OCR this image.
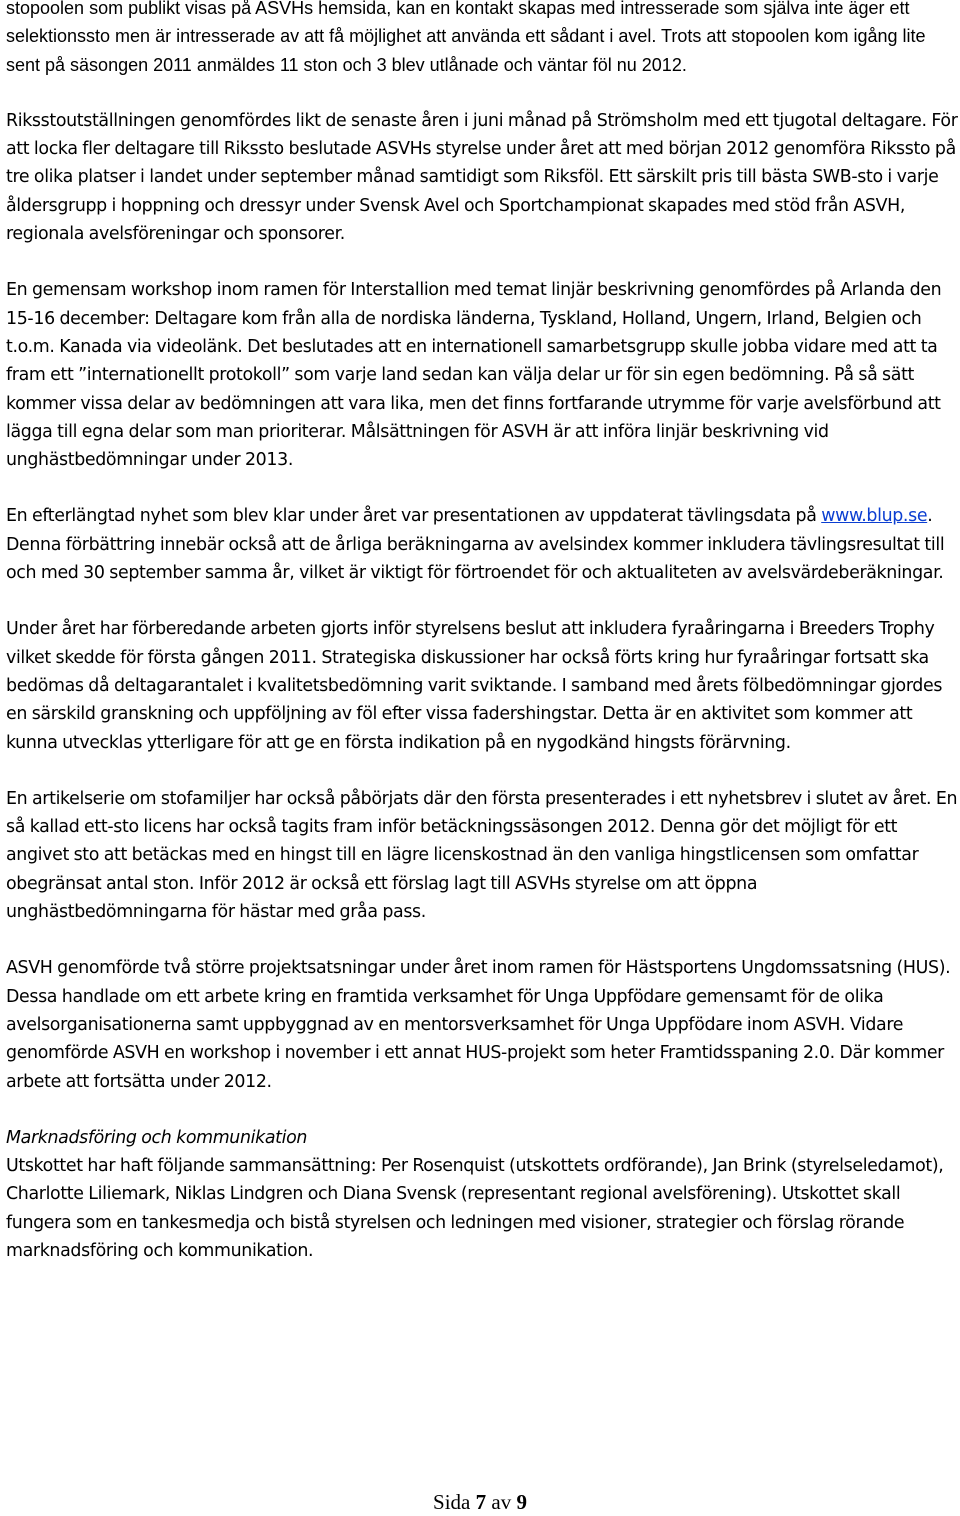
stopoolen som publikt visas på ASVHs hemsida, kan en kontakt skapas med intresserade som själva inte äger ett selektionssto men är intresserade av att få möjlighet att använda ett sådant i avel. Trots att stopoolen kom igång lite sent på säsongen 2011 anmäldes 11 ston och 3 blev utlånade och väntar föl nu 2012.

Riksstoutställningen genomfördes likt de senaste åren i juni månad på Strömsholm med ett tjugotal deltagare. För att locka fler deltagare till Rikssto beslutade ASVHs styrelse under året att med början 2012 genomföra Rikssto på tre olika platser i landet under september månad samtidigt som Riksföl. Ett särskilt pris till bästa SWB-sto i varje åldersgrupp i hoppning och dressyr under Svensk Avel och Sportchampionat skapades med stöd från ASVH, regionala avelsföreningar och sponsorer.

En gemensam workshop inom ramen för Interstallion med temat linjär beskrivning genomfördes på Arlanda den 15-16 december: Deltagare kom från alla de nordiska länderna, Tyskland, Holland, Ungern, Irland, Belgien och t.o.m. Kanada via videolänk. Det beslutades att en internationell samarbetsgrupp skulle jobba vidare med att ta fram ett ”internationellt protokoll” som varje land sedan kan välja delar ur för sin egen bedömning. På så sätt kommer vissa delar av bedömningen att vara lika, men det finns fortfarande utrymme för varje avelsförbund att lägga till egna delar som man prioriterar. Målsättningen för ASVH är att införa linjär beskrivning vid unghästbedömningar under 2013.

En efterlängtad nyhet som blev klar under året var presentationen av uppdaterat tävlingsdata på www.blup.se. Denna förbättring innebär också att de årliga beräkningarna av avelsindex kommer inkludera tävlingsresultat till och med 30 september samma år, vilket är viktigt för förtroendet för och aktualiteten av avelsvärdeberäkningar.

Under året har förberedande arbeten gjorts inför styrelsens beslut att inkludera fyraåringarna i Breeders Trophy vilket skedde för första gången 2011. Strategiska diskussioner har också förts kring hur fyraåringar fortsatt ska bedömas då deltagarantalet i kvalitetsbedömning varit sviktande. I samband med årets fölbedömningar gjordes en särskild granskning och uppföljning av föl efter vissa fadershingstar. Detta är en aktivitet som kommer att kunna utvecklas ytterligare för att ge en första indikation på en nygodkänd hingsts förärvning.

En artikelserie om stofamiljer har också påbörjats där den första presenterades i ett nyhetsbrev i slutet av året. En så kallad ett-sto licens har också tagits fram inför betäckningssäsongen 2012. Denna gör det möjligt för ett angivet sto att betäckas med en hingst till en lägre licenskostnad än den vanliga hingstlicensen som omfattar obegränsat antal ston. Inför 2012 är också ett förslag lagt till ASVHs styrelse om att öppna unghästbedömningarna för hästar med gråa pass.

ASVH genomförde två större projektsatsningar under året inom ramen för Hästsportens Ungdomssatsning (HUS). Dessa handlade om ett arbete kring en framtida verksamhet för Unga Uppfödare gemensamt för de olika avelsorganisationerna samt uppbyggnad av en mentorsverksamhet för Unga Uppfödare inom ASVH. Vidare genomförde ASVH en workshop i november i ett annat HUS-projekt som heter Framtidsspaning 2.0. Där kommer arbete att fortsätta under 2012.

Marknadsföring och kommunikation
Utskottet har haft följande sammansättning: Per Rosenquist (utskottets ordförande), Jan Brink (styrelseledamot), Charlotte Liliemark, Niklas Lindgren och Diana Svensk (representant regional avelsförening). Utskottet skall fungera som en tankesmedja och bistå styrelsen och ledningen med visioner, strategier och förslag rörande marknadsföring och kommunikation.
Sida 7 av 9
